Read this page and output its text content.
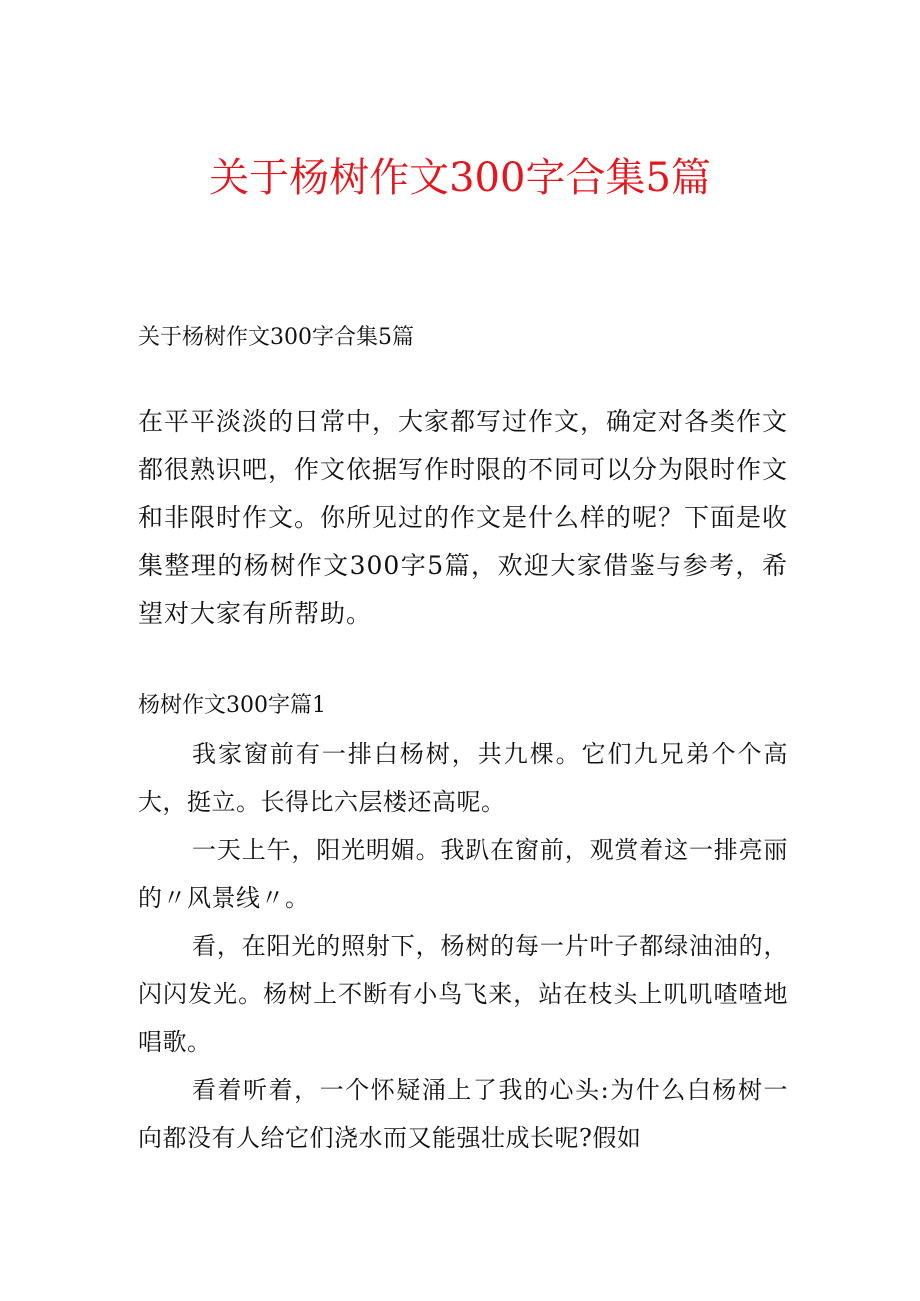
关于杨树作文300字合集5篇

关于杨树作文300字合集5篇

在平平淡淡的日常中，大家都写过作文，确定对各类作文都很熟识吧，作文依据写作时限的不同可以分为限时作文和非限时作文。你所见过的作文是什么样的呢？下面是收集整理的杨树作文300字5篇，欢迎大家借鉴与参考，希望对大家有所帮助。

杨树作文300字篇1

我家窗前有一排白杨树，共九棵。它们九兄弟个个高大，挺立。长得比六层楼还高呢。

一天上午，阳光明媚。我趴在窗前，观赏着这一排亮丽的〃风景线〃。

看，在阳光的照射下，杨树的每一片叶子都绿油油的，闪闪发光。杨树上不断有小鸟飞来，站在枝头上叽叽喳喳地唱歌。

看着听着，一个怀疑涌上了我的心头:为什么白杨树一向都没有人给它们浇水而又能强壮成长呢?假如
